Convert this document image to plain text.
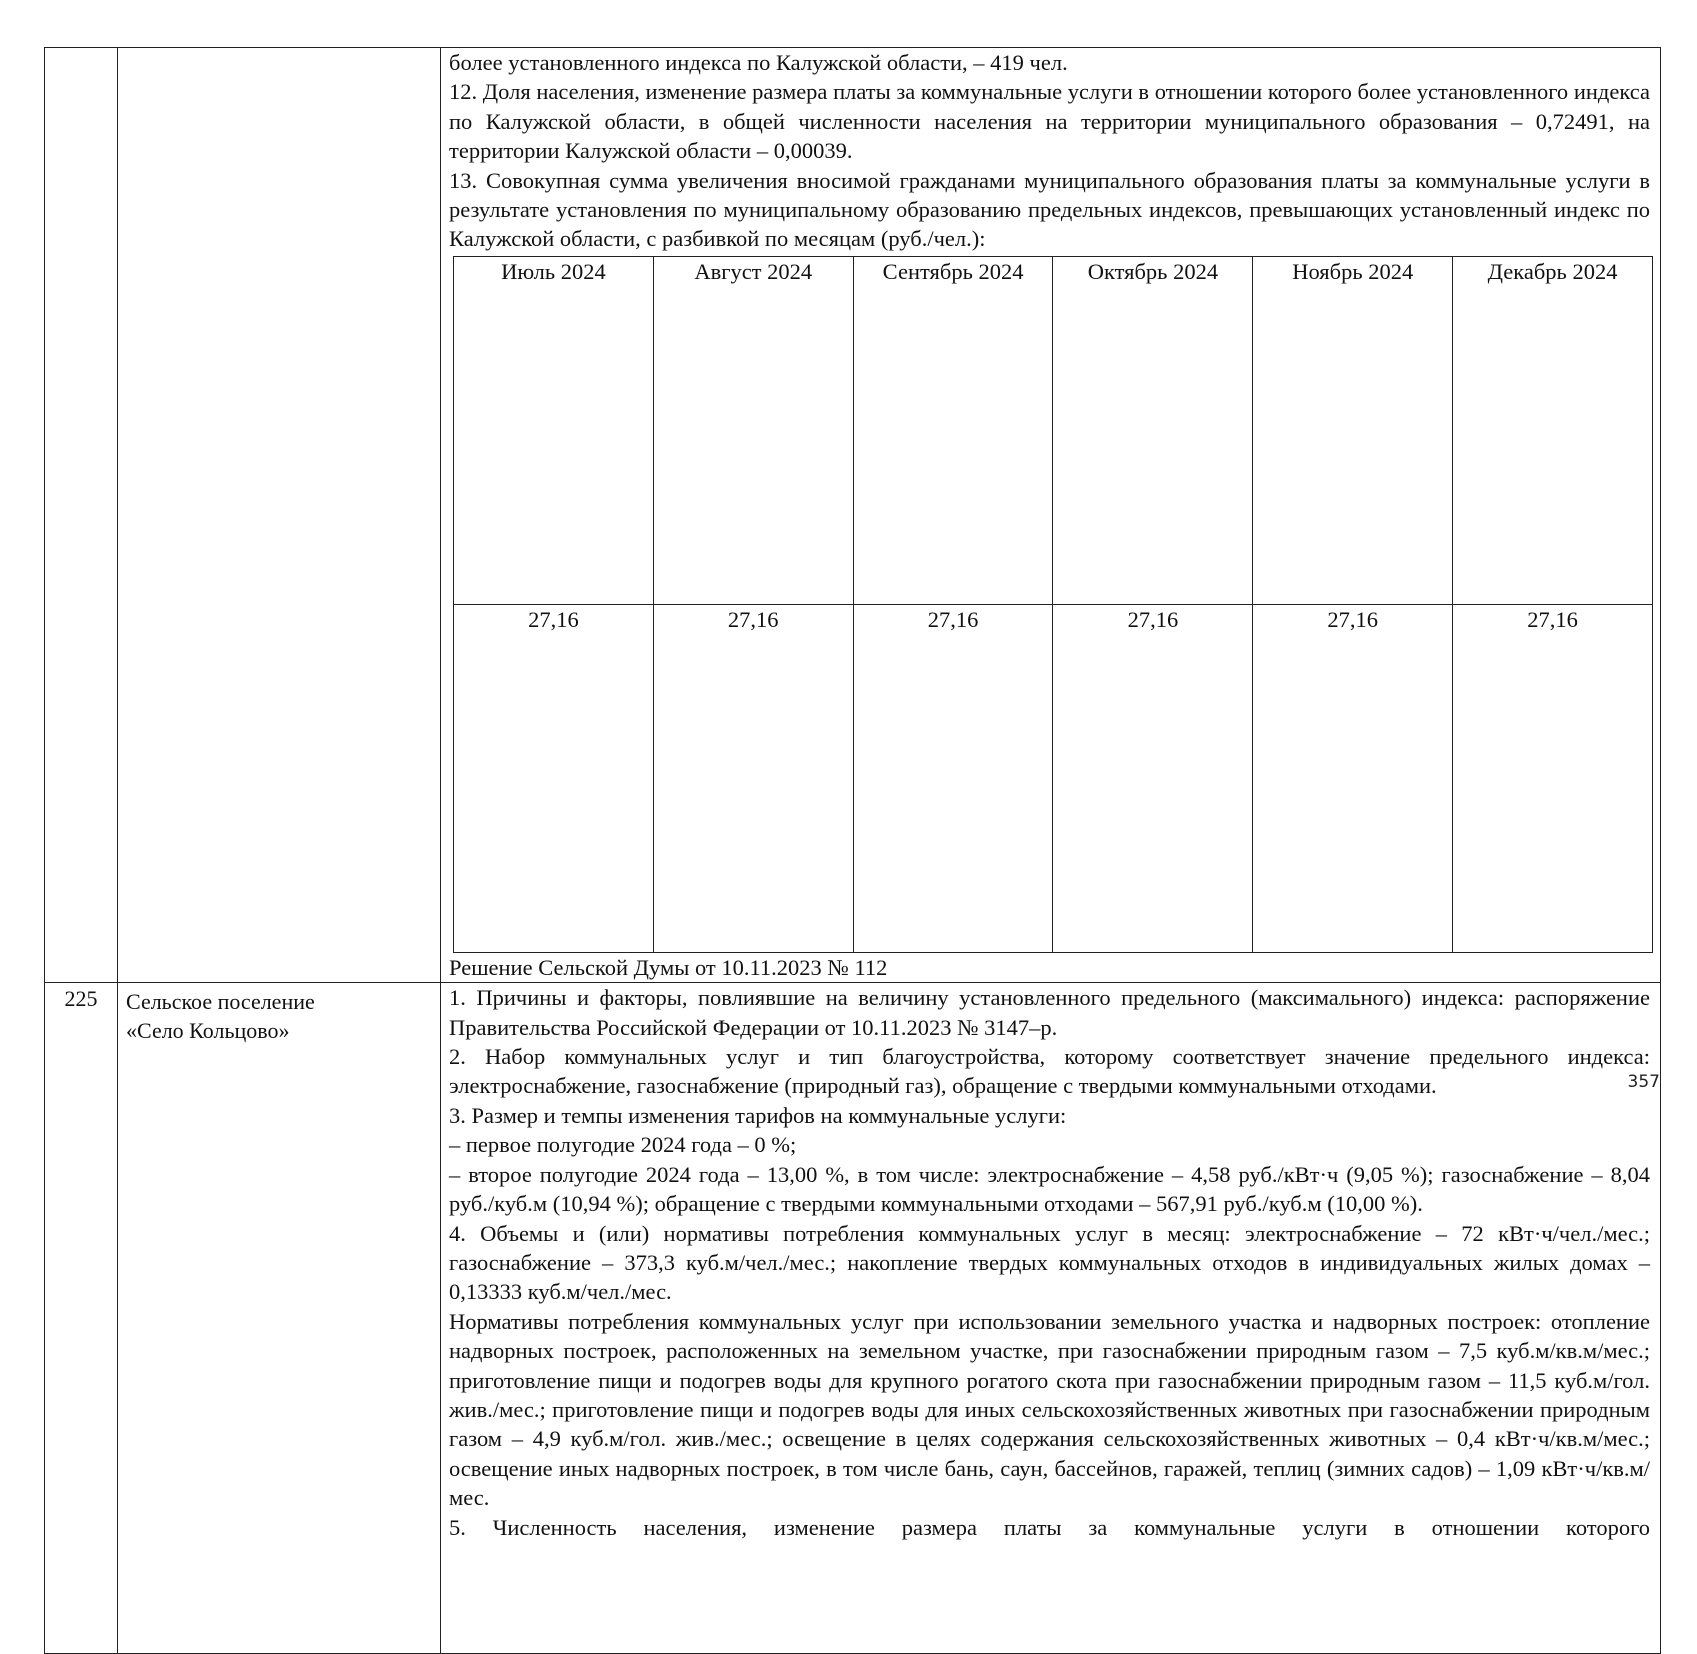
более установленного индекса по Калужской области, – 419 чел.

12. Доля населения, изменение размера платы за коммунальные услуги в отношении которого более установленного индекса по Калужской области, в общей численности населения на территории муниципального образования – 0,72491, на территории Калужской области – 0,00039.

13. Совокупная сумма увеличения вносимой гражданами муниципального образования платы за коммунальные услуги в результате установления по муниципальному образованию предельных индексов, превышающих установленный индекс по Калужской области, с разбивкой по месяцам (руб./чел.):

Июль 2024	Август 2024	Сентябрь 2024	Октябрь 2024	Ноябрь 2024	Декабрь 2024
27,16	27,16	27,16	27,16	27,16	27,16

Решение Сельской Думы от 10.11.2023 № 112

225	Сельское поселение
«Село Кольцово»

1. Причины и факторы, повлиявшие на величину установленного предельного (максимального) индекса: распоряжение Правительства Российской Федерации от 10.11.2023 № 3147–р.

2. Набор коммунальных услуг и тип благоустройства, которому соответствует значение предельного индекса: электроснабжение, газоснабжение (природный газ), обращение с твердыми коммунальными отходами.

3. Размер и темпы изменения тарифов на коммунальные услуги:

– первое полугодие 2024 года – 0 %;

– второе полугодие 2024 года – 13,00 %, в том числе: электроснабжение – 4,58 руб./кВт·ч (9,05 %); газоснабжение – 8,04 руб./куб.м (10,94 %); обращение с твердыми коммунальными отходами – 567,91 руб./куб.м (10,00 %).

4. Объемы и (или) нормативы потребления коммунальных услуг в месяц: электроснабжение – 72 кВт·ч/чел./мес.; газоснабжение – 373,3 куб.м/чел./мес.; накопление твердых коммунальных отходов в индивидуальных жилых домах – 0,13333 куб.м/чел./мес.

Нормативы потребления коммунальных услуг при использовании земельного участка и надворных построек: отопление надворных построек, расположенных на земельном участке, при газоснабжении природным газом – 7,5 куб.м/кв.м/мес.; приготовление пищи и подогрев воды для крупного рогатого скота при газоснабжении природным газом – 11,5 куб.м/гол. жив./мес.; приготовление пищи и подогрев воды для иных сельскохозяйственных животных при газоснабжении природным газом – 4,9 куб.м/гол. жив./мес.; освещение в целях содержания сельскохозяйственных животных – 0,4 кВт·ч/кв.м/мес.; освещение иных надворных построек, в том числе бань, саун, бассейнов, гаражей, теплиц (зимних садов) – 1,09 кВт·ч/кв.м/мес.

5. Численность населения, изменение размера платы за коммунальные услуги в отношении которого

357
